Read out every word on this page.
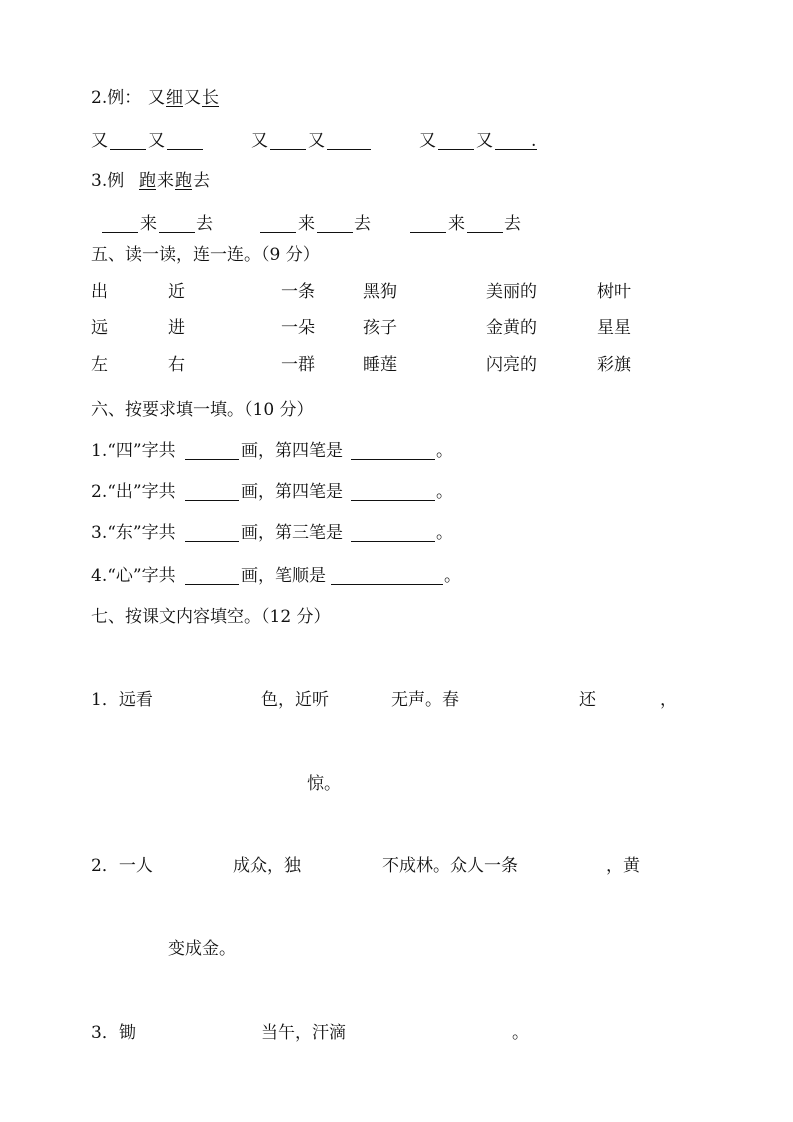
2.例： 又 细 又 长
又 又	又 又	又 又 .
3.例 跑 来 跑 去
来 去	来 去	来 去
五、读一读，连一连。（9 分）
出	近	一条	黑狗	美丽的	树叶
远	进	一朵	孩子	金黄的	星星
左	右	一群	睡莲	闪亮的	彩旗
六、按要求填一填。（10 分）
1.“四”字共	画，第四笔是	。
2.“出”字共	画，第四笔是	。
3.“东”字共	画，第三笔是	。
4.“心”字共	画，笔顺是	。
七、按课文内容填空。（12 分）
1．远看	色，近听	无声。春	还	，
惊。
2．一人	成众，独	不成林。众人一条	，黄
变成金。
3．锄	当午，汗滴	。
